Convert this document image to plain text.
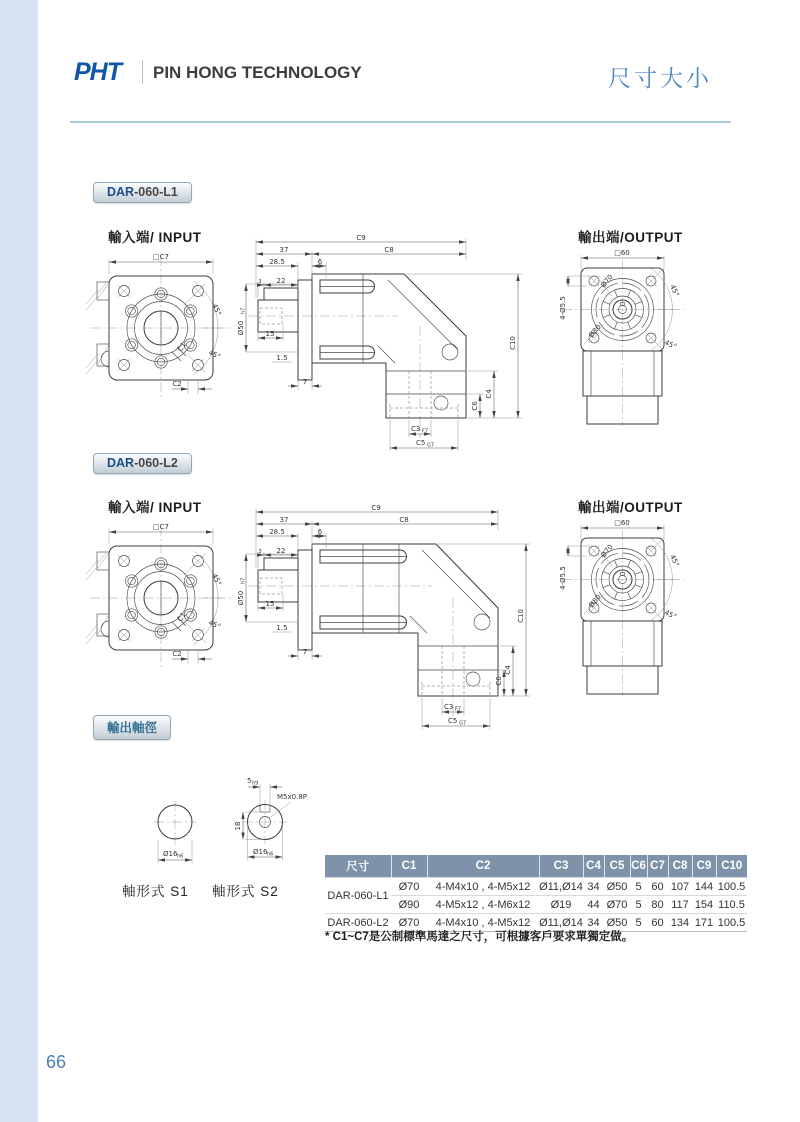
PHT PIN HONG TECHNOLOGY	尺寸大小
DAR-060-L1
輸入端/ INPUT	輸出端/OUTPUT
□C7
C2
C1
45°
45°
C9
37	C8
28.5	6
3 22
15
1.5
7
Ø50
h7
C10
C4
C6
C3 F7
C5 G7
□60
4-Ø5.5
Ø70
Ø80
45°
45°
DAR-060-L2
輸入端/ INPUT	輸出端/OUTPUT
□C7
C2
C1
45°
45°
C9
37	C8
28.5	6
3 22
15
1.5
7
Ø50
h7
C10
C4
C6
C3 F7
C5 G7
□60
4-Ø5.5
Ø70
Ø80
45°
45°
輸出軸徑
Ø16 h6
5 h9
18
M5x0.8P
Ø16 h6
軸形式 S1 軸形式 S2
尺寸	C1	C2	C3	C4	C5	C6	C7	C8	C9	C10
DAR-060-L1	Ø70	4-M4x10 , 4-M5x12	Ø11,Ø14	34	Ø50	5	60	107	144	100.5
	Ø90	4-M5x12 , 4-M6x12	Ø19	44	Ø70	5	80	117	154	110.5
DAR-060-L2	Ø70	4-M4x10 , 4-M5x12	Ø11,Ø14	34	Ø50	5	60	134	171	100.5
* C1~C7是公制標準馬達之尺寸，可根據客戶要求單獨定做。
66
